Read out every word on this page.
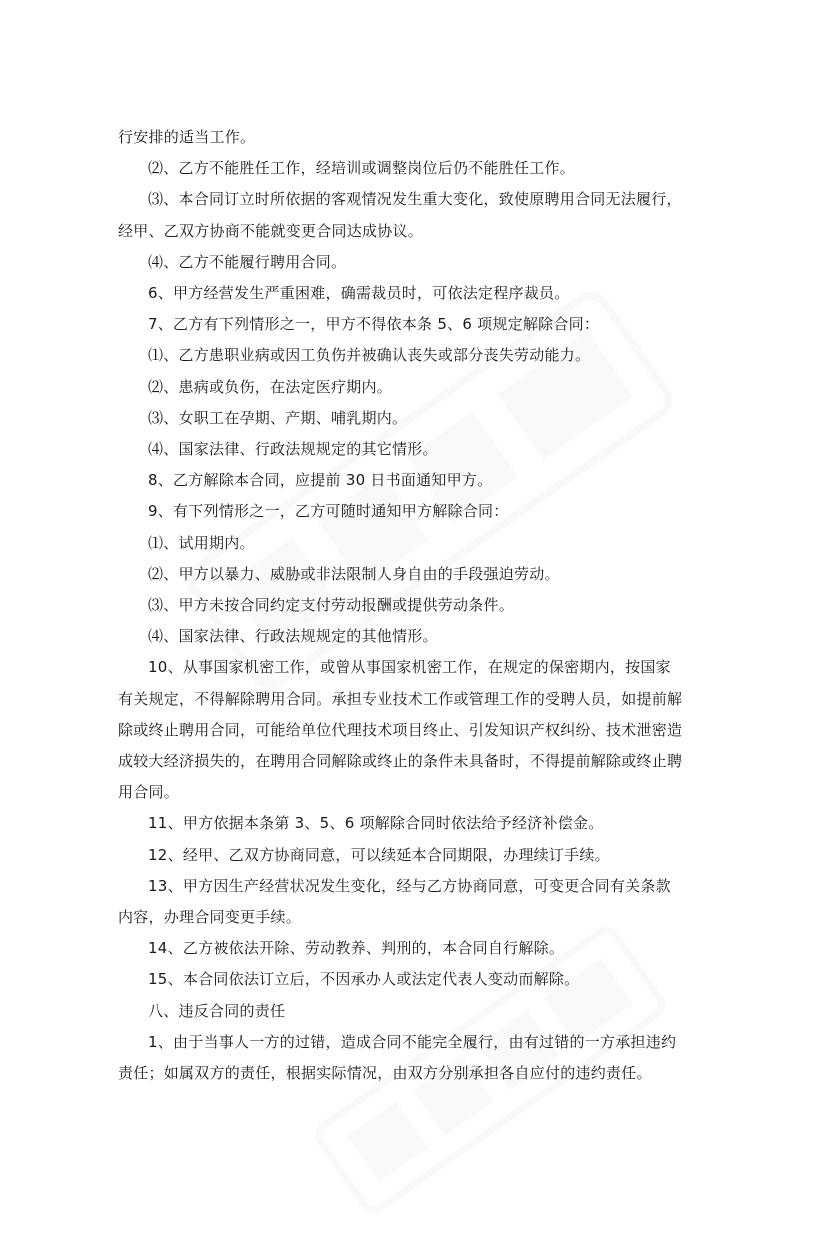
行安排的适当工作。
⑵、乙方不能胜任工作，经培训或调整岗位后仍不能胜任工作。
⑶、本合同订立时所依据的客观情况发生重大变化，致使原聘用合同无法履行，
经甲、乙双方协商不能就变更合同达成协议。
⑷、乙方不能履行聘用合同。
6、甲方经营发生严重困难，确需裁员时，可依法定程序裁员。
7、乙方有下列情形之一，甲方不得依本条 5、6 项规定解除合同：
⑴、乙方患职业病或因工负伤并被确认丧失或部分丧失劳动能力。
⑵、患病或负伤，在法定医疗期内。
⑶、女职工在孕期、产期、哺乳期内。
⑷、国家法律、行政法规规定的其它情形。
8、乙方解除本合同，应提前 30 日书面通知甲方。
9、有下列情形之一，乙方可随时通知甲方解除合同：
⑴、试用期内。
⑵、甲方以暴力、威胁或非法限制人身自由的手段强迫劳动。
⑶、甲方未按合同约定支付劳动报酬或提供劳动条件。
⑷、国家法律、行政法规规定的其他情形。
10、从事国家机密工作，或曾从事国家机密工作，在规定的保密期内，按国家
有关规定，不得解除聘用合同。承担专业技术工作或管理工作的受聘人员，如提前解
除或终止聘用合同，可能给单位代理技术项目终止、引发知识产权纠纷、技术泄密造
成较大经济损失的，在聘用合同解除或终止的条件未具备时，不得提前解除或终止聘
用合同。
11、甲方依据本条第 3、5、6 项解除合同时依法给予经济补偿金。
12、经甲、乙双方协商同意，可以续延本合同期限，办理续订手续。
13、甲方因生产经营状况发生变化，经与乙方协商同意，可变更合同有关条款
内容，办理合同变更手续。
14、乙方被依法开除、劳动教养、判刑的，本合同自行解除。
15、本合同依法订立后，不因承办人或法定代表人变动而解除。
八、违反合同的责任
1、由于当事人一方的过错，造成合同不能完全履行，由有过错的一方承担违约
责任；如属双方的责任，根据实际情况，由双方分别承担各自应付的违约责任。
